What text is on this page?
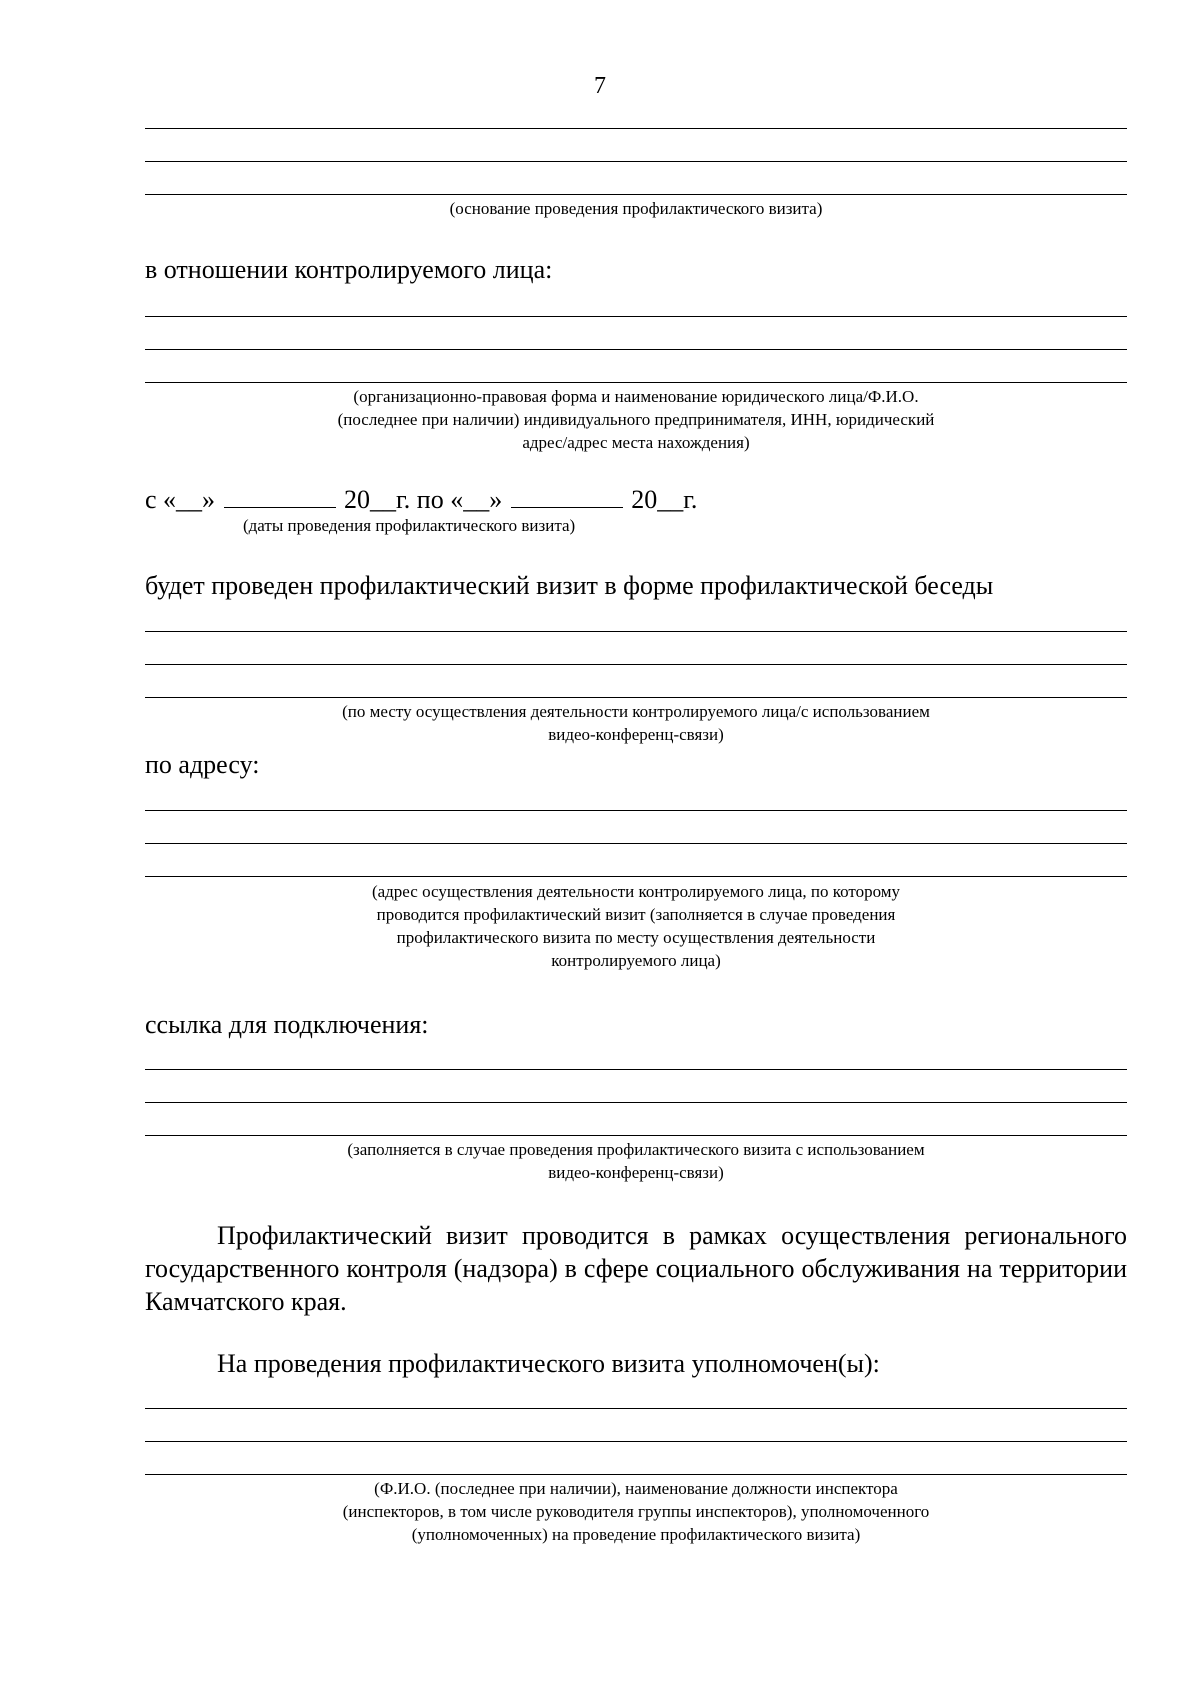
7
(основание проведения профилактического визита)
в отношении контролируемого лица:
(организационно-правовая форма и наименование юридического лица/Ф.И.О.
(последнее при наличии) индивидуального предпринимателя, ИНН, юридический
адрес/адрес места нахождения)
с «__»	20__г. по «__»	20__г.
(даты проведения профилактического визита)
будет проведен профилактический визит в форме профилактической беседы
(по месту осуществления деятельности контролируемого лица/с использованием
видео-конференц-связи)
по адресу:
(адрес осуществления деятельности контролируемого лица, по которому
проводится профилактический визит (заполняется в случае проведения
профилактического визита по месту осуществления деятельности
контролируемого лица)
ссылка для подключения:
(заполняется в случае проведения профилактического визита с использованием
видео-конференц-связи)
Профилактический визит проводится в рамках осуществления регионального государственного контроля (надзора) в сфере социального обслуживания на территории Камчатского края.
На проведения профилактического визита уполномочен(ы):
(Ф.И.О. (последнее при наличии), наименование должности инспектора
(инспекторов, в том числе руководителя группы инспекторов), уполномоченного
(уполномоченных) на проведение профилактического визита)
